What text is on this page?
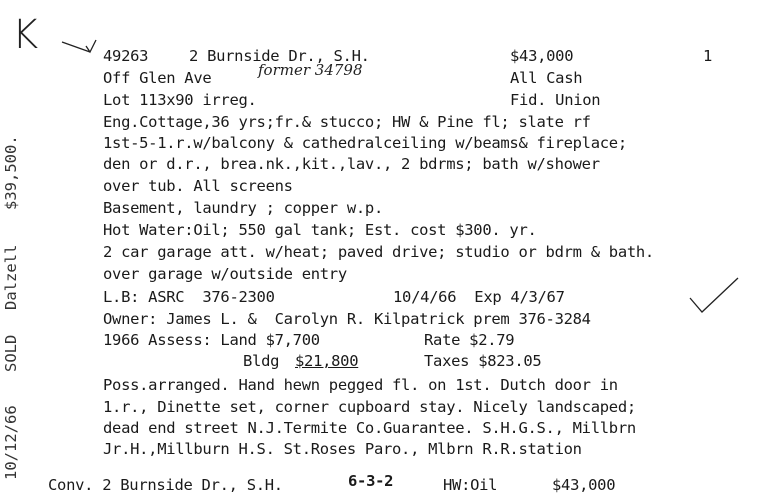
K	49263	2 Burnside Dr., S.H.	$43,000	1
Off Glen Ave	former 34798	All Cash
Lot 113x90 irreg.	Fid. Union
Eng.Cottage,36 yrs;fr.& stucco; HW & Pine fl; slate rf
1st-5-1.r.w/balcony & cathedralceiling w/beams& fireplace;
den or d.r., brea.nk.,kit.,lav., 2 bdrms; bath w/shower
over tub. All screens
Basement, laundry ; copper w.p.
Hot Water:Oil; 550 gal tank; Est. cost $300. yr.
2 car garage att. w/heat; paved drive; studio or bdrm & bath.
over garage w/outside entry
L.B: ASRC  376-2300	10/4/66  Exp 4/3/67
Owner: James L. &  Carolyn R. Kilpatrick prem 376-3284
1966 Assess: Land $7,700	Rate $2.79
Bldg $21,800	Taxes $823.05
Poss.arranged. Hand hewn pegged fl. on 1st. Dutch door in
1.r., Dinette set, corner cupboard stay. Nicely landscaped;
dead end street N.J.Termite Co.Guarantee. S.H.G.S., Millbrn
Jr.H.,Millburn H.S. St.Roses Paro., Mlbrn R.R.station
Conv. 2 Burnside Dr., S.H.	6-3-2	HW:Oil	$43,000

10/12/66

SOLD

Dalzell

$39,500.
